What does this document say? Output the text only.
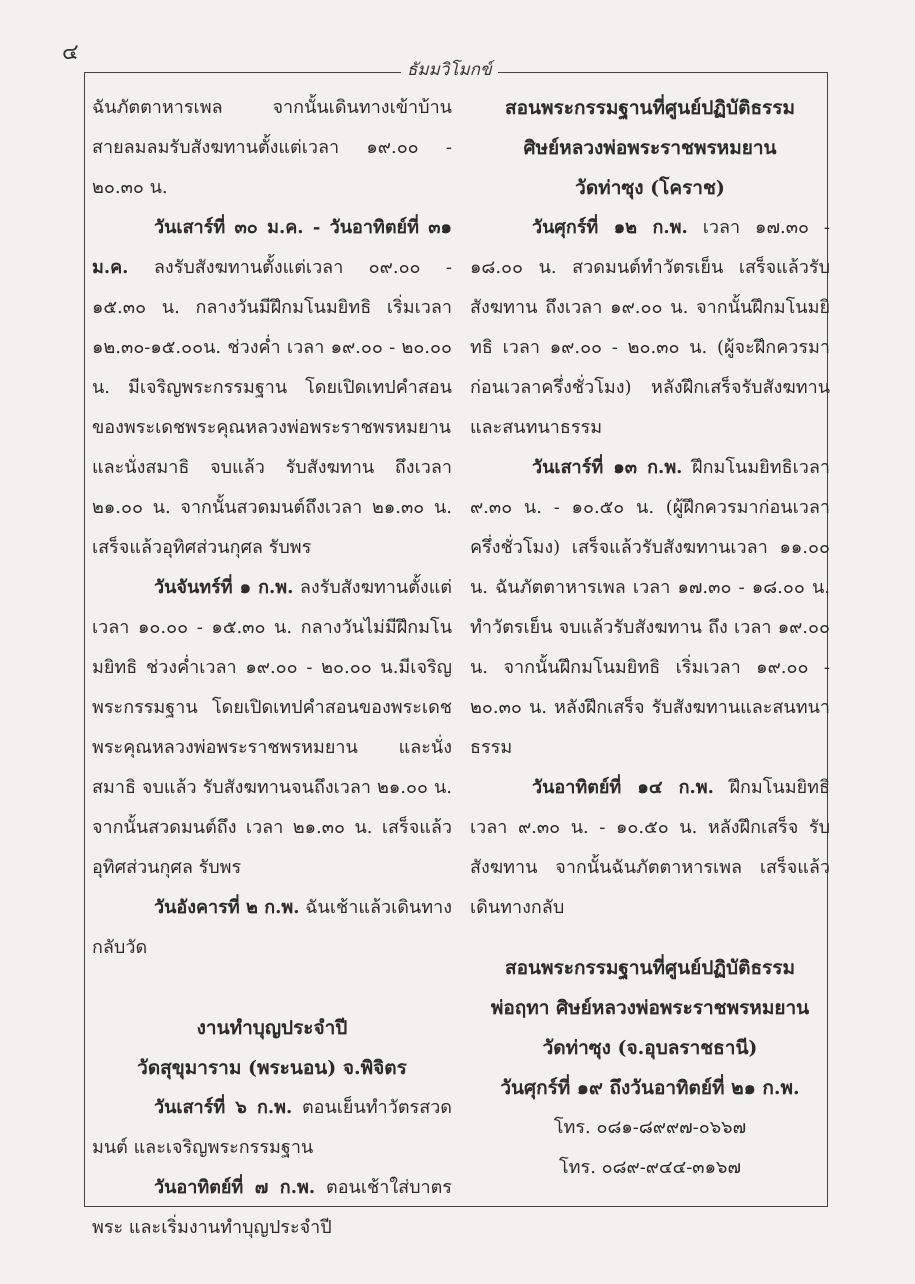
๔
ธัมมวิโมกข์

ฉันภัตตาหารเพล จากนั้นเดินทางเข้าบ้านสายลมลมรับสังฆทานตั้งแต่เวลา ๑๙.๐๐ - ๒๐.๓๐ น.

วันเสาร์ที่ ๓๐ ม.ค. - วันอาทิตย์ที่ ๓๑ ม.ค. ลงรับสังฆทานตั้งแต่เวลา ๐๙.๐๐ - ๑๕.๓๐ น. กลางวันมีฝึกมโนมยิทธิ เริ่มเวลา ๑๒.๓๐-๑๕.๐๐น. ช่วงค่ำ เวลา ๑๙.๐๐ - ๒๐.๐๐ น. มีเจริญพระกรรมฐาน โดยเปิดเทปคำสอนของพระเดชพระคุณหลวงพ่อพระราชพรหมยาน และนั่งสมาธิ จบแล้ว รับสังฆทาน ถึงเวลา ๒๑.๐๐ น. จากนั้นสวดมนต์ถึงเวลา ๒๑.๓๐ น. เสร็จแล้วอุทิศส่วนกุศล รับพร

วันจันทร์ที่ ๑ ก.พ. ลงรับสังฆทานตั้งแต่เวลา ๑๐.๐๐ - ๑๕.๓๐ น. กลางวันไม่มีฝึกมโนมยิทธิ ช่วงค่ำเวลา ๑๙.๐๐ - ๒๐.๐๐ น.มีเจริญพระกรรมฐาน โดยเปิดเทปคำสอนของพระเดชพระคุณหลวงพ่อพระราชพรหมยาน และนั่งสมาธิ จบแล้ว รับสังฆทานจนถึงเวลา ๒๑.๐๐ น. จากนั้นสวดมนต์ถึง เวลา ๒๑.๓๐ น. เสร็จแล้วอุทิศส่วนกุศล รับพร

วันอังคารที่ ๒ ก.พ. ฉันเช้าแล้วเดินทางกลับวัด

งานทำบุญประจำปี
วัดสุขุมาราม (พระนอน) จ.พิจิตร

วันเสาร์ที่ ๖ ก.พ. ตอนเย็นทำวัตรสวดมนต์ และเจริญพระกรรมฐาน

วันอาทิตย์ที่ ๗ ก.พ. ตอนเช้าใส่บาตรพระ และเริ่มงานทำบุญประจำปี

สอนพระกรรมฐานที่ศูนย์ปฏิบัติธรรม
ศิษย์หลวงพ่อพระราชพรหมยาน
วัดท่าซุง (โคราช)

วันศุกร์ที่ ๑๒ ก.พ. เวลา ๑๗.๓๐ - ๑๘.๐๐ น. สวดมนต์ทำวัตรเย็น เสร็จแล้วรับสังฆทาน ถึงเวลา ๑๙.๐๐ น. จากนั้นฝึกมโนมยิทธิ เวลา ๑๙.๐๐ - ๒๐.๓๐ น. (ผู้จะฝึกควรมาก่อนเวลาครึ่งชั่วโมง) หลังฝึกเสร็จรับสังฆทานและสนทนาธรรม

วันเสาร์ที่ ๑๓ ก.พ. ฝึกมโนมยิทธิเวลา ๙.๓๐ น. - ๑๐.๕๐ น. (ผู้ฝึกควรมาก่อนเวลาครึ่งชั่วโมง) เสร็จแล้วรับสังฆทานเวลา ๑๑.๐๐ น. ฉันภัตตาหารเพล เวลา ๑๗.๓๐ - ๑๘.๐๐ น. ทำวัตรเย็น จบแล้วรับสังฆทาน ถึง เวลา ๑๙.๐๐ น. จากนั้นฝึกมโนมยิทธิ เริ่มเวลา ๑๙.๐๐ - ๒๐.๓๐ น. หลังฝึกเสร็จ รับสังฆทานและสนทนาธรรม

วันอาทิตย์ที่ ๑๔ ก.พ. ฝึกมโนมยิทธิเวลา ๙.๓๐ น. - ๑๐.๕๐ น. หลังฝึกเสร็จ รับสังฆทาน จากนั้นฉันภัตตาหารเพล เสร็จแล้วเดินทางกลับ

สอนพระกรรมฐานที่ศูนย์ปฏิบัติธรรม
พ่อฤทา ศิษย์หลวงพ่อพระราชพรหมยาน
วัดท่าซุง (จ.อุบลราชธานี)
วันศุกร์ที่ ๑๙ ถึงวันอาทิตย์ที่ ๒๑ ก.พ.
โทร. ๐๘๑-๘๙๙๗-๐๖๖๗
โทร. ๐๘๙-๙๔๔-๓๑๖๗
